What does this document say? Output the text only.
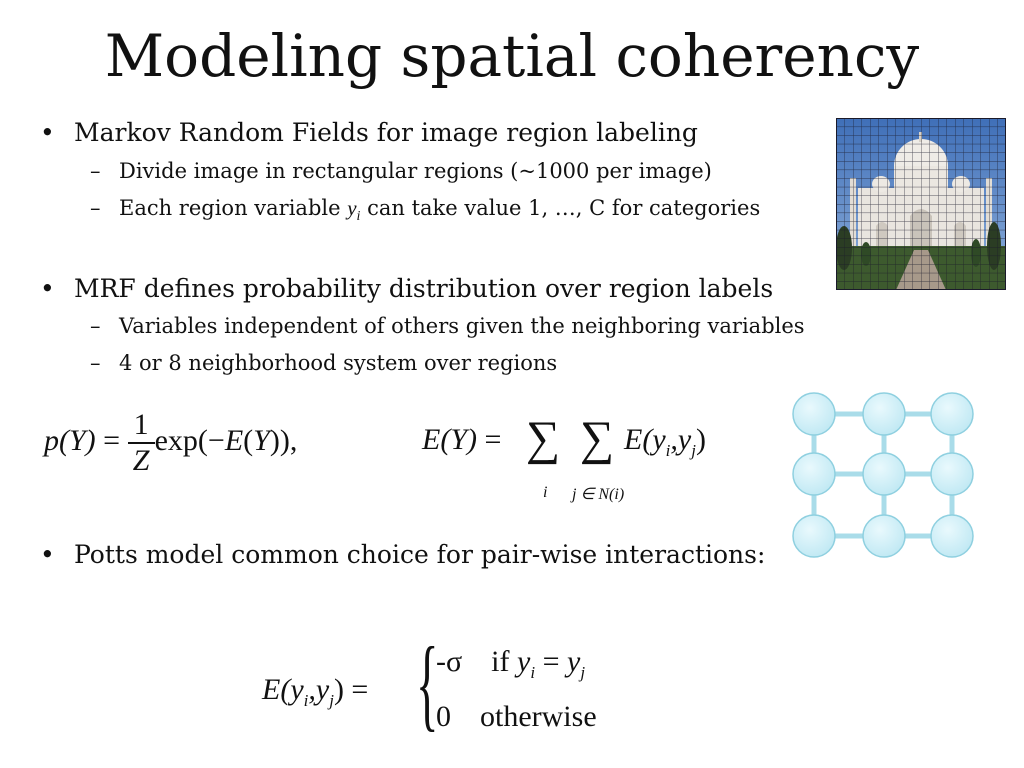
Modeling spatial coherency
• Markov Random Fields for image region labeling
– Divide image in rectangular regions (~1000 per image)
– Each region variable $y_i$ can take value 1, …, C for categories
• MRF defines probability distribution over region labels
– Variables independent of others given the neighboring variables
– 4 or 8 neighborhood system over regions
$p(Y) = \frac{1}{Z} \exp(-E(Y))$,	E(Y) = ∑ ∑
i j ∈ N(i)
$E(y_i,y_j)$
• Potts model common choice for pair-wise interactions:
$E(y_i,y_j)$ = {
-σ if $y_i = y_j$
0 otherwise
